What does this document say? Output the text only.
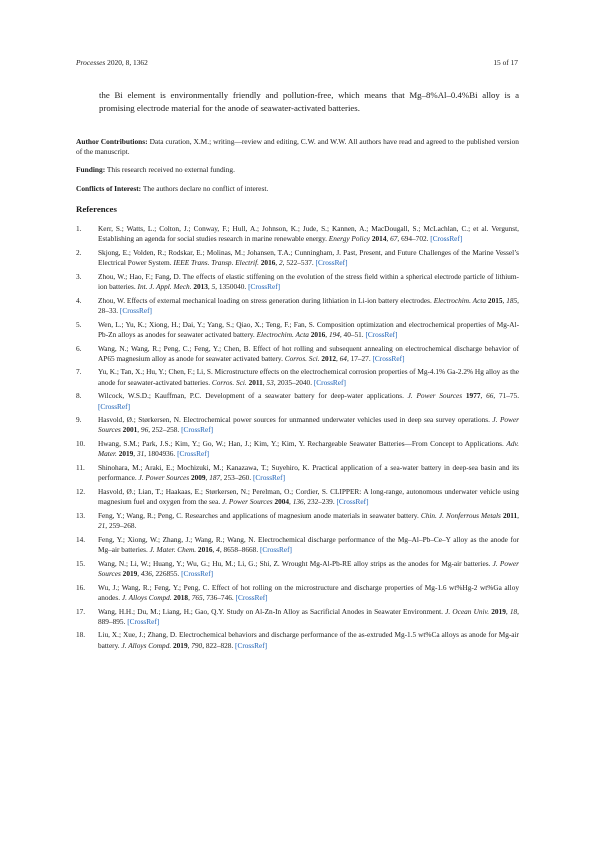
Processes 2020, 8, 1362	15 of 17
the Bi element is environmentally friendly and pollution-free, which means that Mg–8%Al–0.4%Bi alloy is a promising electrode material for the anode of seawater-activated batteries.

Author Contributions: Data curation, X.M.; writing—review and editing, C.W. and W.W. All authors have read and agreed to the published version of the manuscript.

Funding: This research received no external funding.

Conflicts of Interest: The authors declare no conflict of interest.

References
1.	Kerr, S.; Watts, L.; Colton, J.; Conway, F.; Hull, A.; Johnson, K.; Jude, S.; Kannen, A.; MacDougall, S.; McLachlan, C.; et al. Vergunst, Establishing an agenda for social studies research in marine renewable energy. Energy Policy 2014, 67, 694–702. [CrossRef]
2.	Skjong, E.; Volden, R.; Rodskar, E.; Molinas, M.; Johansen, T.A.; Cunningham, J. Past, Present, and Future Challenges of the Marine Vessel’s Electrical Power System. IEEE Trans. Transp. Electrif. 2016, 2, 522–537. [CrossRef]
3.	Zhou, W.; Hao, F.; Fang, D. The effects of elastic stiffening on the evolution of the stress field within a spherical electrode particle of lithium-ion batteries. Int. J. Appl. Mech. 2013, 5, 1350040. [CrossRef]
4.	Zhou, W. Effects of external mechanical loading on stress generation during lithiation in Li-ion battery electrodes. Electrochim. Acta 2015, 185, 28–33. [CrossRef]
5.	Wen, L.; Yu, K.; Xiong, H.; Dai, Y.; Yang, S.; Qiao, X.; Teng, F.; Fan, S. Composition optimization and electrochemical properties of Mg-Al-Pb-Zn alloys as anodes for seawater activated battery. Electrochim. Acta 2016, 194, 40–51. [CrossRef]
6.	Wang, N.; Wang, R.; Peng, C.; Feng, Y.; Chen, B. Effect of hot rolling and subsequent annealing on electrochemical discharge behavior of AP65 magnesium alloy as anode for seawater activated battery. Corros. Sci. 2012, 64, 17–27. [CrossRef]
7.	Yu, K.; Tan, X.; Hu, Y.; Chen, F.; Li, S. Microstructure effects on the electrochemical corrosion properties of Mg-4.1% Ga-2.2% Hg alloy as the anode for seawater-activated batteries. Corros. Sci. 2011, 53, 2035–2040. [CrossRef]
8.	Wilcock, W.S.D.; Kauffman, P.C. Development of a seawater battery for deep-water applications. J. Power Sources 1977, 66, 71–75. [CrossRef]
9.	Hasvold, Ø.; Størkersen, N. Electrochemical power sources for unmanned underwater vehicles used in deep sea survey operations. J. Power Sources 2001, 96, 252–258. [CrossRef]
10.	Hwang, S.M.; Park, J.S.; Kim, Y.; Go, W.; Han, J.; Kim, Y.; Kim, Y. Rechargeable Seawater Batteries—From Concept to Applications. Adv. Mater. 2019, 31, 1804936. [CrossRef]
11.	Shinohara, M.; Araki, E.; Mochizuki, M.; Kanazawa, T.; Suyehiro, K. Practical application of a sea-water battery in deep-sea basin and its performance. J. Power Sources 2009, 187, 253–260. [CrossRef]
12.	Hasvold, Ø.; Lian, T.; Haakaas, E.; Størkersen, N.; Perelman, O.; Cordier, S. CLIPPER: A long-range, autonomous underwater vehicle using magnesium fuel and oxygen from the sea. J. Power Sources 2004, 136, 232–239. [CrossRef]
13.	Feng, Y.; Wang, R.; Peng, C. Researches and applications of magnesium anode materials in seawater battery. Chin. J. Nonferrous Metals 2011, 21, 259–268.
14.	Feng, Y.; Xiong, W.; Zhang, J.; Wang, R.; Wang, N. Electrochemical discharge performance of the Mg–Al–Pb–Ce–Y alloy as the anode for Mg–air batteries. J. Mater. Chem. 2016, 4, 8658–8668. [CrossRef]
15.	Wang, N.; Li, W.; Huang, Y.; Wu, G.; Hu, M.; Li, G.; Shi, Z. Wrought Mg-Al-Pb-RE alloy strips as the anodes for Mg-air batteries. J. Power Sources 2019, 436, 226855. [CrossRef]
16.	Wu, J.; Wang, R.; Feng, Y.; Peng, C. Effect of hot rolling on the microstructure and discharge properties of Mg-1.6 wt%Hg-2 wt%Ga alloy anodes. J. Alloys Compd. 2018, 765, 736–746. [CrossRef]
17.	Wang, H.H.; Du, M.; Liang, H.; Gao, Q.Y. Study on Al-Zn-In Alloy as Sacrificial Anodes in Seawater Environment. J. Ocean Univ. 2019, 18, 889–895. [CrossRef]
18.	Liu, X.; Xue, J.; Zhang, D. Electrochemical behaviors and discharge performance of the as-extruded Mg-1.5 wt%Ca alloys as anode for Mg-air battery. J. Alloys Compd. 2019, 790, 822–828. [CrossRef]
